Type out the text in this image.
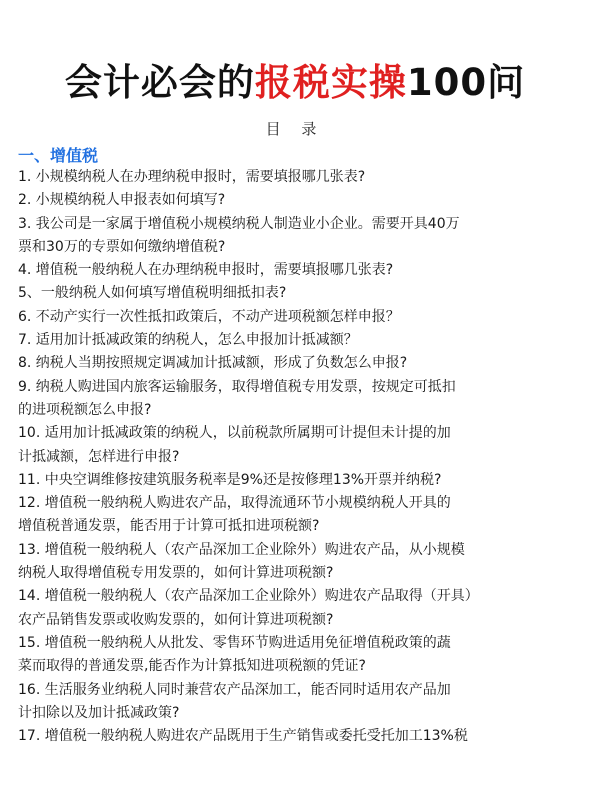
会计必会的报税实操100问
目 录
一、增值税
1. 小规模纳税人在办理纳税申报时，需要填报哪几张表?
2. 小规模纳税人申报表如何填写?
3. 我公司是一家属于增值税小规模纳税人制造业小企业。需要开具40万
票和30万的专票如何缴纳增值税?
4. 增值税一般纳税人在办理纳税申报时，需要填报哪几张表?
5、一般纳税人如何填写增值税明细抵扣表?
6. 不动产实行一次性抵扣政策后，不动产进项税额怎样申报？
7. 适用加计抵减政策的纳税人，怎么申报加计抵减额？
8. 纳税人当期按照规定调减加计抵减额，形成了负数怎么申报?
9. 纳税人购进国内旅客运输服务，取得增值税专用发票，按规定可抵扣
的进项税额怎么申报?
10. 适用加计抵减政策的纳税人，以前税款所属期可计提但未计提的加
计抵减额，怎样进行申报?
11. 中央空调维修按建筑服务税率是9%还是按修理13%开票并纳税?
12. 增值税一般纳税人购进农产品，取得流通环节小规模纳税人开具的
增值税普通发票，能否用于计算可抵扣进项税额?
13. 增值税一般纳税人（农产品深加工企业除外）购进农产品，从小规模
纳税人取得增值税专用发票的，如何计算进项税额?
14. 增值税一般纳税人（农产品深加工企业除外）购进农产品取得（开具）
农产品销售发票或收购发票的，如何计算进项税额?
15. 增值税一般纳税人从批发、零售环节购进适用免征增值税政策的蔬
菜而取得的普通发票,能否作为计算抵知进项税额的凭证?
16. 生活服务业纳税人同时兼营农产品深加工，能否同时适用农产品加
计扣除以及加计抵减政策?
17. 增值税一般纳税人购进农产品既用于生产销售或委托受托加工13%税
